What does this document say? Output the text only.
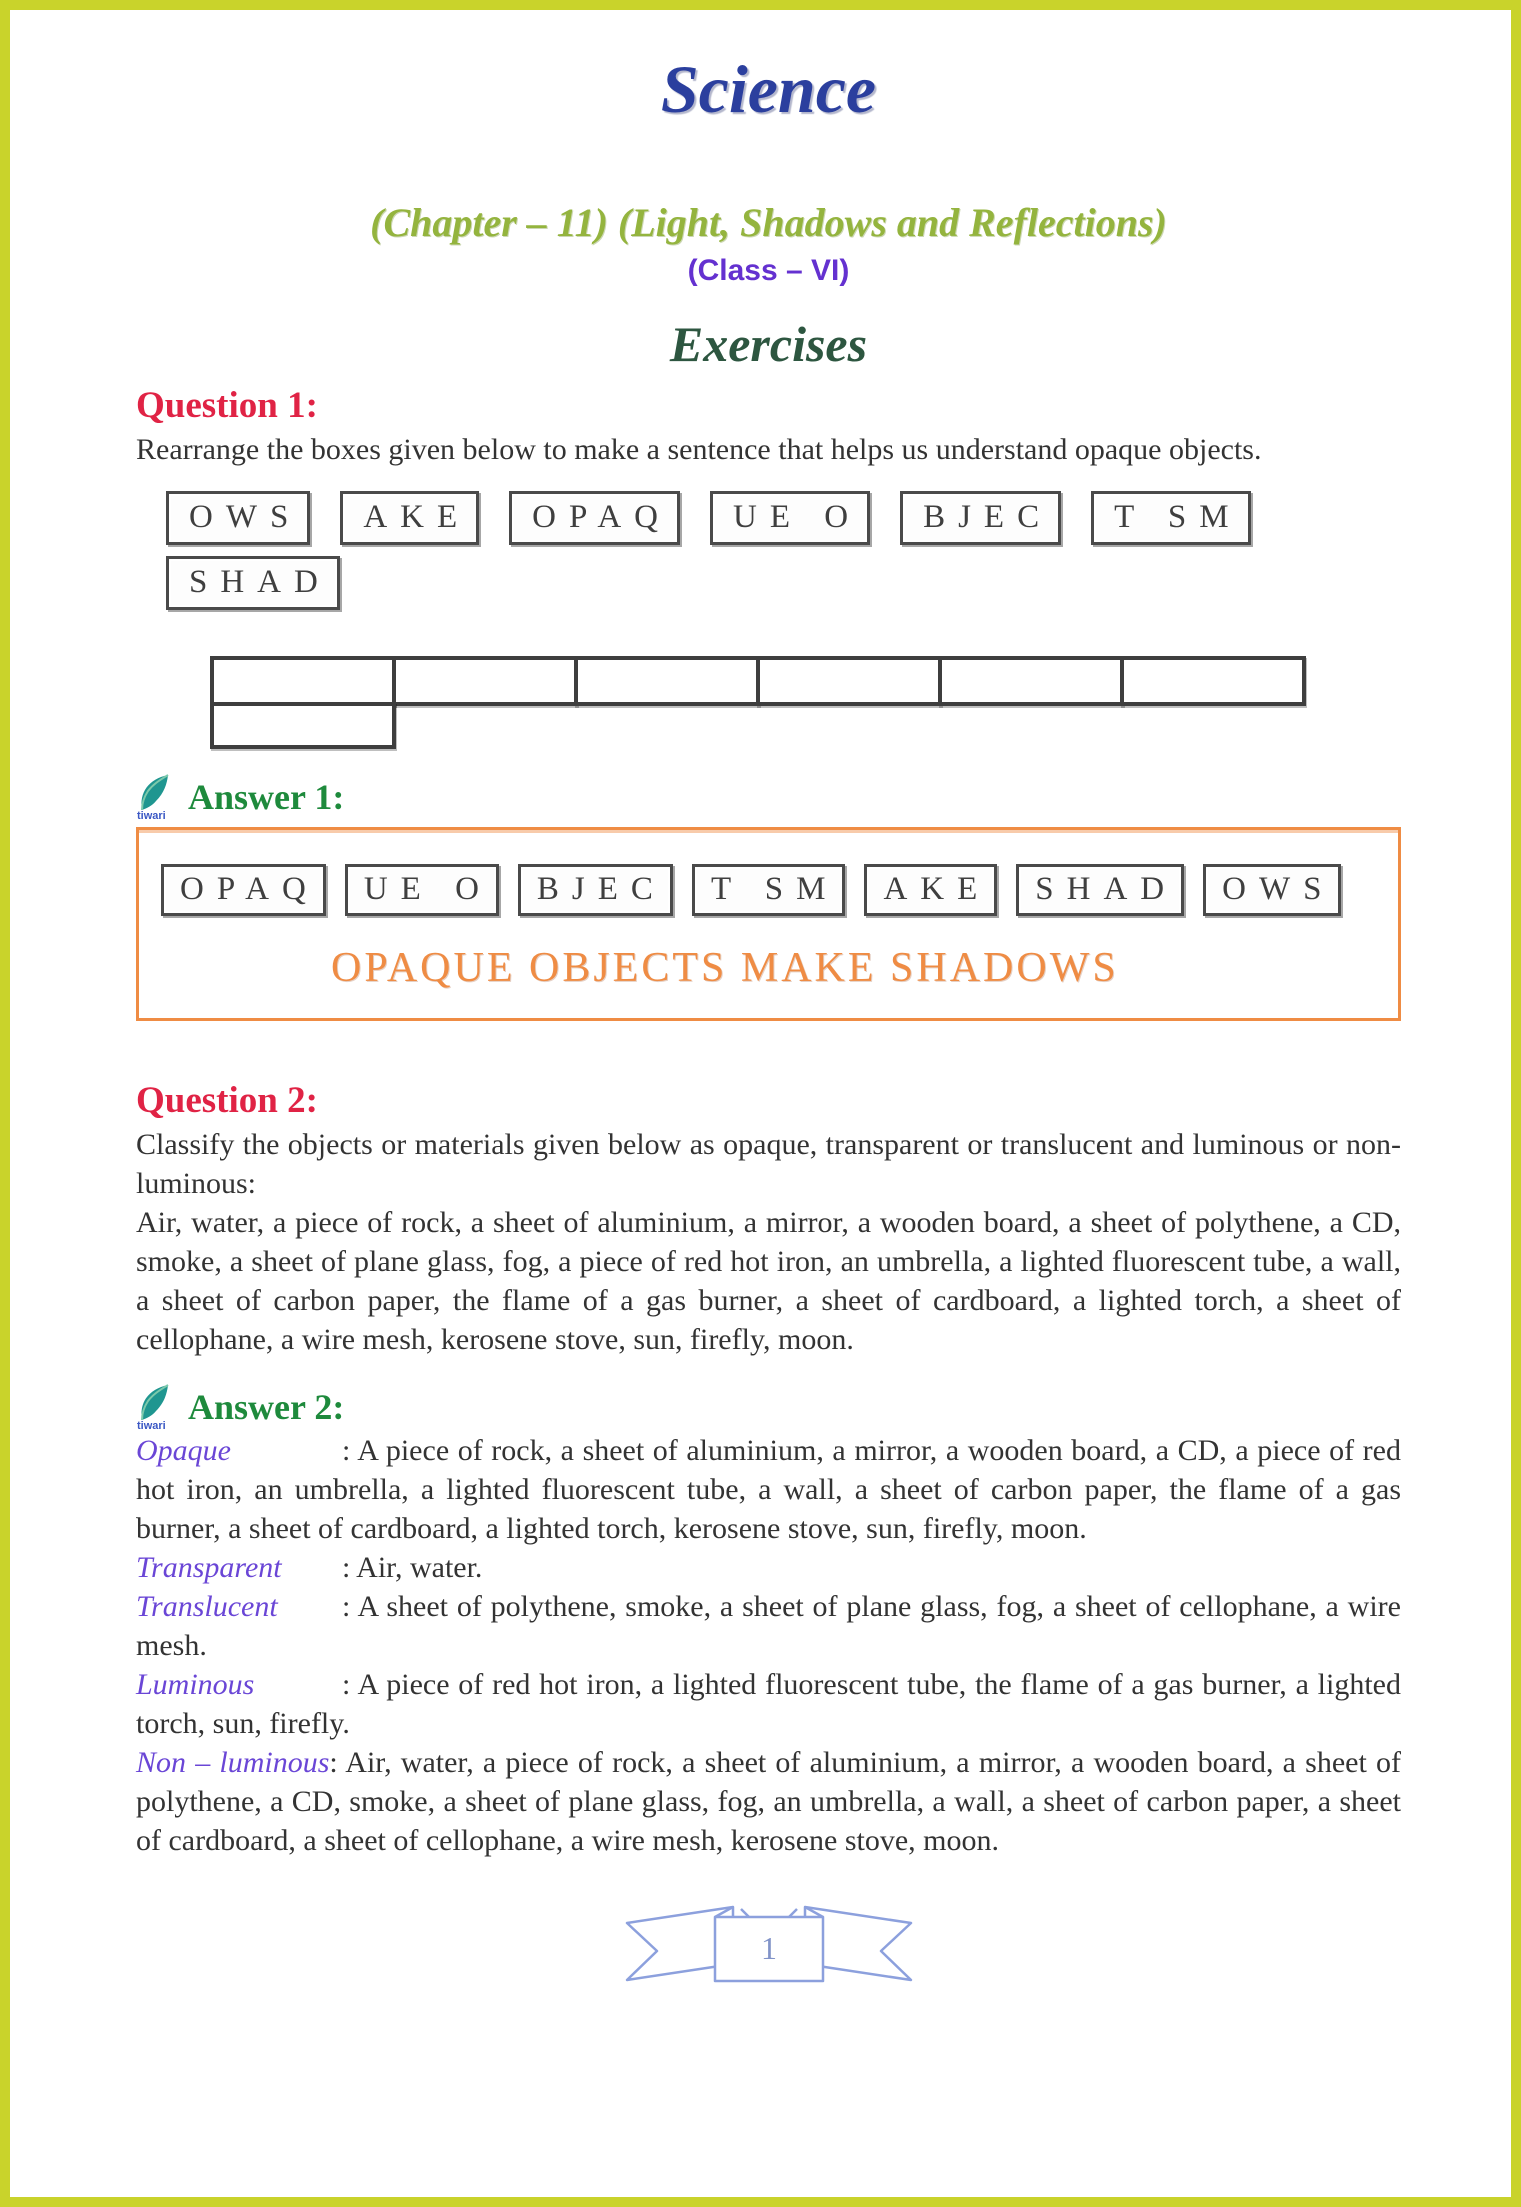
Science
(Chapter – 11) (Light, Shadows and Reflections)
(Class – VI)
Exercises
Question 1:

Rearrange the boxes given below to make a sentence that helps us understand opaque objects.

OWS	AKE	OPAQ	UE O	BJEC	T SM
SHAD
tiwari Answer 1:
OPAQ	UE O	BJEC	T SM	AKE	SHAD	OWS
OPAQUE OBJECTS MAKE SHADOWS
Question 2:

Classify the objects or materials given below as opaque, transparent or translucent and luminous or non-luminous:

Air, water, a piece of rock, a sheet of aluminium, a mirror, a wooden board, a sheet of polythene, a CD, smoke, a sheet of plane glass, fog, a piece of red hot iron, an umbrella, a lighted fluorescent tube, a wall, a sheet of carbon paper, the flame of a gas burner, a sheet of cardboard, a lighted torch, a sheet of cellophane, a wire mesh, kerosene stove, sun, firefly, moon.

tiwari Answer 2:

Opaque	: A piece of rock, a sheet of aluminium, a mirror, a wooden board, a CD, a piece of red hot iron, an umbrella, a lighted fluorescent tube, a wall, a sheet of carbon paper, the flame of a gas burner, a sheet of cardboard, a lighted torch, kerosene stove, sun, firefly, moon.

Transparent : Air, water.

Translucent : A sheet of polythene, smoke, a sheet of plane glass, fog, a sheet of cellophane, a wire mesh.

Luminous	: A piece of red hot iron, a lighted fluorescent tube, the flame of a gas burner, a lighted torch, sun, firefly.

Non – luminous: Air, water, a piece of rock, a sheet of aluminium, a mirror, a wooden board, a sheet of polythene, a CD, smoke, a sheet of plane glass, fog, an umbrella, a wall, a sheet of carbon paper, a sheet of cardboard, a sheet of cellophane, a wire mesh, kerosene stove, moon.

1
